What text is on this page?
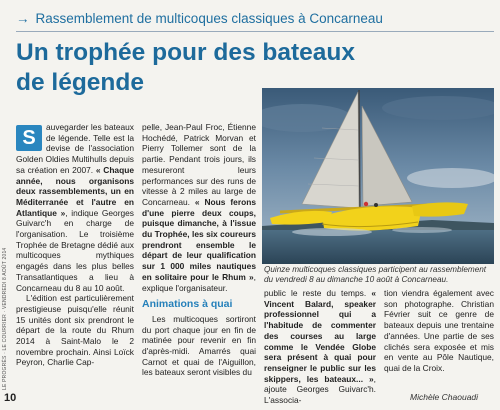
→ Rassemblement de multicoques classiques à Concarneau
Un trophée pour des bateaux
de légende
Quinze multicoques classiques participent au rassemblement du vendredi 8 au dimanche 10 août à Concarneau.

S	auvegarder les bateaux de légende. Telle est la devise de l'association Golden Oldies Multihulls depuis sa création en 2007. « Chaque année, nous organisons deux rassemblements, un en Méditerranée et l'autre en Atlantique », indique Georges Guivarc'h en charge de l'organisation. Le troisième Trophée de Bretagne dédié aux multicoques mythiques engagés dans les plus belles Transatlantiques a lieu à Concarneau du 8 au 10 août.

L'édition est particulièrement prestigieuse puisqu'elle réunit 15 unités dont six prendront le départ de la route du Rhum 2014 à Saint-Malo le 2 novembre prochain. Ainsi Loïck Peyron, Charlie Cap-

pelle, Jean-Paul Froc, Étienne Hochédé, Patrick Morvan et Pierry Tollemer sont de la partie. Pendant trois jours, ils mesureront leurs performances sur des runs de vitesse à 2 miles au large de Concarneau. « Nous ferons d'une pierre deux coups, puisque dimanche, à l'issue du Trophée, les six coureurs prendront ensemble le départ de leur qualification sur 1 000 miles nautiques en solitaire pour le Rhum », explique l'organisateur.

Animations à quai

Les multicoques sortiront du port chaque jour en fin de matinée pour revenir en fin d'après-midi. Amarrés quai Carnot et quai de l'Aiguillon, les bateaux seront visibles du

public le reste du temps. « Vincent Balard, speaker professionnel qui a l'habitude de commenter des courses au large comme le Vendée Globe sera présent à quai pour renseigner le public sur les skippers, les bateaux... », ajoute Georges Guivarc'h. L'associa-

tion viendra également avec son photographe. Christian Février suit ce genre de bateaux depuis une trentaine d'années. Une partie de ses clichés sera exposée et mis en vente au Pôle Nautique, quai de la Croix.

LE PROGRÈS · LE COURRIER · VENDREDI 8 AOÛT 2014
10	Michèle Chaouadi
